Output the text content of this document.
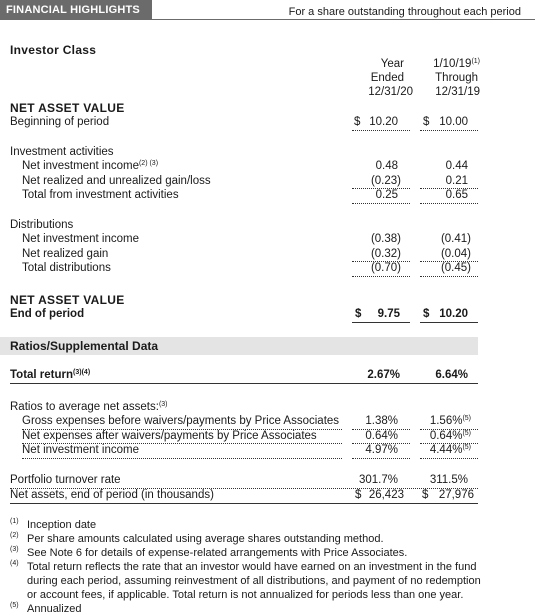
FINANCIAL HIGHLIGHTS	For a share outstanding throughout each period
Investor Class
Year
Ended
12/31/20
1/10/19$^{(1)}$
Through
12/31/19
NET ASSET VALUE
Beginning of period	$ 10.20 $ 10.00
Investment activities
Net investment income$^{(2) (3)}$	0.48	0.44
Net realized and unrealized gain/loss	(0.23)	0.21
Total from investment activities	0.25	0.65
Distributions
Net investment income	(0.38)	(0.41)
Net realized gain	(0.32)	(0.04)
Total distributions	(0.70)	(0.45)
NET ASSET VALUE
End of period	$ 9.75 $ 10.20
Ratios/Supplemental Data
Total return$^{(3)(4)}$	2.67%	6.64%
Ratios to average net assets:$^{(3)}$
Gross expenses before waivers/payments by Price Associates 1.38%	1.56%$^{(5)}$
Net expenses after waivers/payments by Price Associates	0.64%	0.64%$^{(5)}$
Net investment income	4.97%	4.44%$^{(5)}$
Portfolio turnover rate	301.7%	311.5%
Net assets, end of period (in thousands)	$ 26,423 $ 27,976
(1) Inception date
(2) Per share amounts calculated using average shares outstanding method.
(3) See Note 6 for details of expense-related arrangements with Price Associates.
(4) Total return reflects the rate that an investor would have earned on an investment in the fund
during each period, assuming reinvestment of all distributions, and payment of no redemption
or account fees, if applicable. Total return is not annualized for periods less than one year.
(5) Annualized
